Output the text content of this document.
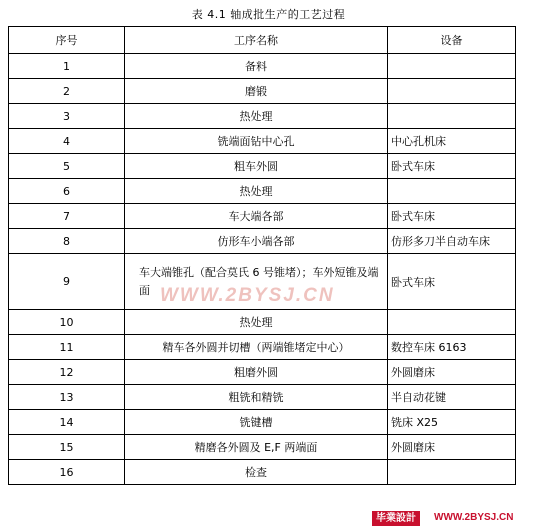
表 4.1 轴成批生产的工艺过程
序号	工序名称	设备
1	备料	
2	磨锻	
3	热处理	
4	铣端面钻中心孔	中心孔机床
5	粗车外圆	卧式车床
6	热处理	
7	车大端各部	卧式车床
8	仿形车小端各部	仿形多刀半自动车床
9	车大端锥孔（配合莫氏 6 号锥堵）；车外短锥及端面	卧式车床
10	热处理	
11	精车各外圆并切槽（两端锥堵定中心）	数控车床 6163
12	粗磨外圆	外圆磨床
13	粗铣和精铣	半自动花键
14	铣键槽	铣床 X25
15	精磨各外圆及 E,F 两端面	外圆磨床
16	检查	
WWW.2BYSJ.CN
毕業設計	WWW.2BYSJ.CN
